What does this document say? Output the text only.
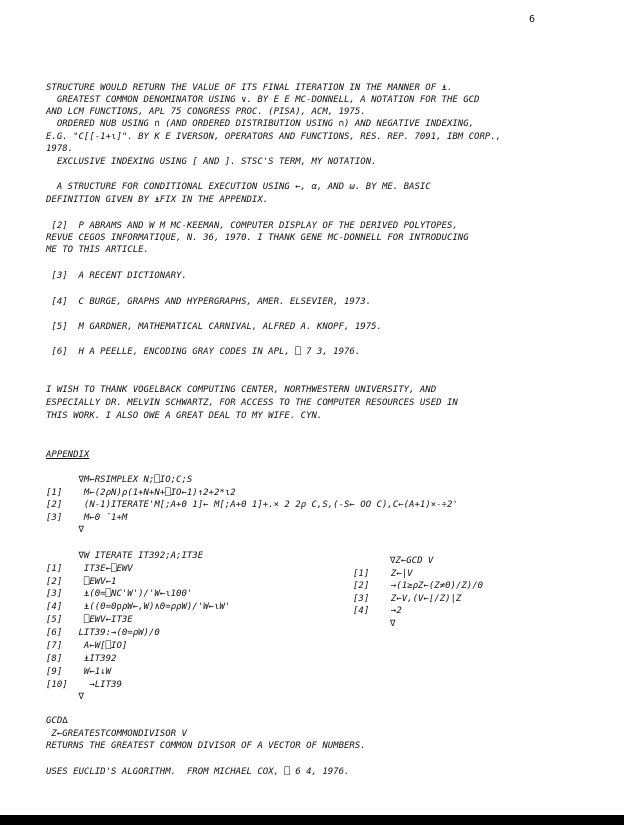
6
STRUCTURE WOULD RETURN THE VALUE OF ITS FINAL ITERATION IN THE MANNER OF ⍎.
GREATEST COMMON DENOMINATOR USING ∨. BY E E MC-DONNELL, A NOTATION FOR THE GCD
AND LCM FUNCTIONS, APL 75 CONGRESS PROC. (PISA), ACM, 1975.
ORDERED NUB USING ∩ (AND ORDERED DISTRIBUTION USING ∩) AND NEGATIVE INDEXING,
E.G. "C[[-1+⍳]". BY K E IVERSON, OPERATORS AND FUNCTIONS, RES. REP. 7091, IBM CORP.,
1978.
EXCLUSIVE INDEXING USING [ AND ]. STSC'S TERM, MY NOTATION.
A STRUCTURE FOR CONDITIONAL EXECUTION USING ←, α, AND ω. BY ME. BASIC
DEFINITION GIVEN BY ⍎FIX IN THE APPENDIX.
[2]  P ABRAMS AND W M MC-KEEMAN, COMPUTER DISPLAY OF THE DERIVED POLYTOPES,
REVUE CEGOS INFORMATIQUE, N. 36, 1970. I THANK GENE MC-DONNELL FOR INTRODUCING
ME TO THIS ARTICLE.
[3]  A RECENT DICTIONARY.
[4]  C BURGE, GRAPHS AND HYPERGRAPHS, AMER. ELSEVIER, 1973.
[5]  M GARDNER, MATHEMATICAL CARNIVAL, ALFRED A. KNOPF, 1975.
[6]  H A PEELLE, ENCODING GRAY CODES IN APL, ⎕ 7 3, 1976.
I WISH TO THANK VOGELBACK COMPUTING CENTER, NORTHWESTERN UNIVERSITY, AND
ESPECIALLY DR. MELVIN SCHWARTZ, FOR ACCESS TO THE COMPUTER RESOURCES USED IN
THIS WORK. I ALSO OWE A GREAT DEAL TO MY WIFE. CYN.
APPENDIX
∇M←RSIMPLEX N;⎕IO;C;S
[1]    M←(2ρN)ρ(1+N+N+⎕IO←1)↑2+2*⍳2
[2]    (N-1)ITERATE'M[;A+0 1]← M[;A+0 1]+.× 2 2ρ C,S,(-S← OO C),C←(A+1)×-÷2'
[3]    M←0 ¯1+M
∇
∇W ITERATE IT392;A;IT3E
[1]    IT3E←⎕EWV
[2]    ⎕EWV←1
[3]    ⍎(0=⎕NC'W')/'W←⍳100'
[4]    ⍎((0=0⍴ρW←,W)∧0=ρρW)/'W←⍳W'
[5]    ⎕EWV←IT3E
[6]   LIT39:→(0=ρW)/0
[7]    A←W[⎕IO]
[8]    ⍎IT392
[9]    W←1↓W
[10]    →LIT39
∇
∇Z←GCD V
[1]    Z←|V
[2]    →(1≥ρZ←(Z≠0)/Z)/0
[3]    Z←V,(V←⌊/Z)|Z
[4]    →2
∇
GCD∆
Z←GREATESTCOMMONDIVISOR V
RETURNS THE GREATEST COMMON DIVISOR OF A VECTOR OF NUMBERS.
USES EUCLID'S ALGORITHM.  FROM MICHAEL COX, ⎕ 6 4, 1976.
